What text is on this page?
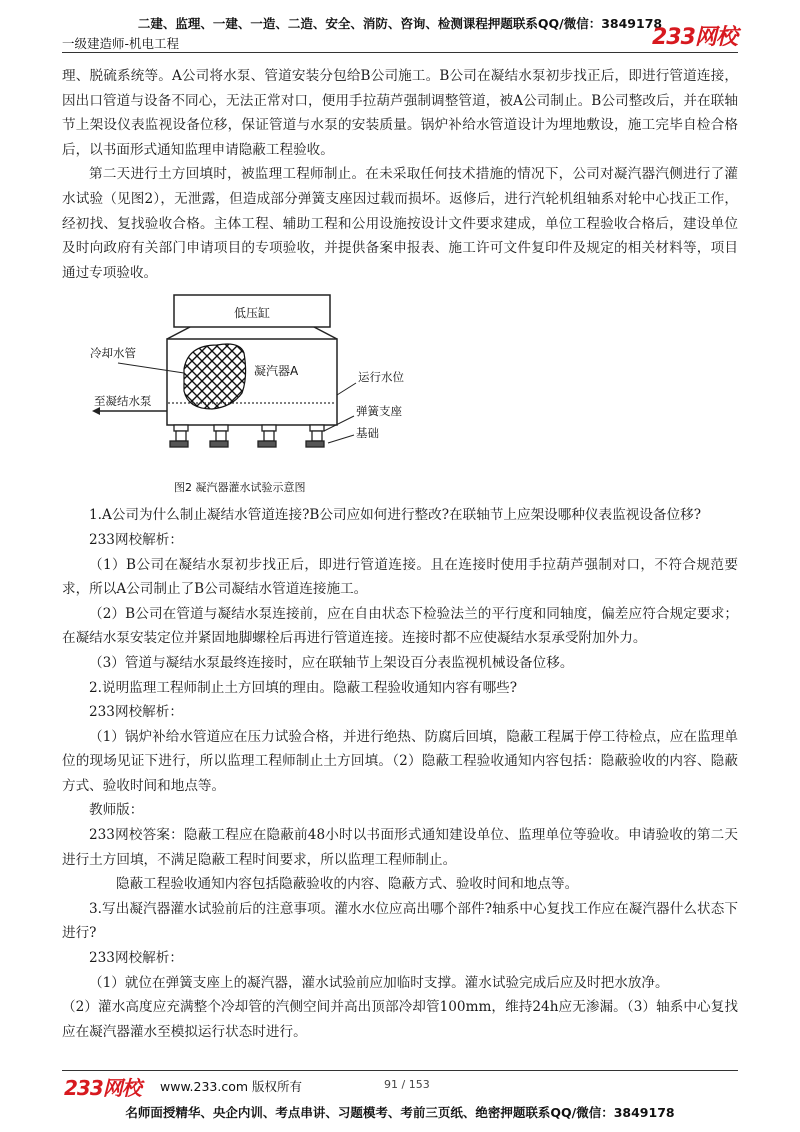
二建、监理、一建、一造、二造、安全、消防、咨询、检测课程押题联系QQ/微信：3849178
一级建造师-机电工程	233网校

理、脱硫系统等。A公司将水泵、管道安装分包给B公司施工。B公司在凝结水泵初步找正后，即进行管道连接，因出口管道与设备不同心，无法正常对口，便用手拉葫芦强制调整管道，被A公司制止。B公司整改后，并在联轴节上架设仪表监视设备位移，保证管道与水泵的安装质量。锅炉补给水管道设计为埋地敷设，施工完毕自检合格后，以书面形式通知监理申请隐蔽工程验收。

第二天进行土方回填时，被监理工程师制止。在未采取任何技术措施的情况下，公司对凝汽器汽侧进行了灌水试验（见图2），无泄露，但造成部分弹簧支座因过载而损坏。返修后，进行汽轮机组轴系对轮中心找正工作，经初找、复找验收合格。主体工程、辅助工程和公用设施按设计文件要求建成，单位工程验收合格后，建设单位及时向政府有关部门申请项目的专项验收，并提供备案申报表、施工许可文件复印件及规定的相关材料等，项目通过专项验收。

低压缸
冷却水管
凝汽器A	运行水位
至凝结水泵
弹簧支座
基础
图2 凝汽器灌水试验示意图

1.A公司为什么制止凝结水管道连接?B公司应如何进行整改?在联轴节上应架设哪种仪表监视设备位移?

233网校解析：

（1）B公司在凝结水泵初步找正后，即进行管道连接。且在连接时使用手拉葫芦强制对口，不符合规范要求，所以A公司制止了B公司凝结水管道连接施工。

（2）B公司在管道与凝结水泵连接前，应在自由状态下检验法兰的平行度和同轴度，偏差应符合规定要求；在凝结水泵安装定位并紧固地脚螺栓后再进行管道连接。连接时都不应使凝结水泵承受附加外力。

（3）管道与凝结水泵最终连接时，应在联轴节上架设百分表监视机械设备位移。

2.说明监理工程师制止土方回填的理由。隐蔽工程验收通知内容有哪些?

233网校解析：

（1）锅炉补给水管道应在压力试验合格，并进行绝热、防腐后回填，隐蔽工程属于停工待检点，应在监理单位的现场见证下进行，所以监理工程师制止土方回填。（2）隐蔽工程验收通知内容包括：隐蔽验收的内容、隐蔽方式、验收时间和地点等。

教师版：

233网校答案：隐蔽工程应在隐蔽前48小时以书面形式通知建设单位、监理单位等验收。申请验收的第二天进行土方回填，不满足隐蔽工程时间要求，所以监理工程师制止。

隐蔽工程验收通知内容包括隐蔽验收的内容、隐蔽方式、验收时间和地点等。

3.写出凝汽器灌水试验前后的注意事项。灌水水位应高出哪个部件?轴系中心复找工作应在凝汽器什么状态下进行?

233网校解析：

（1）就位在弹簧支座上的凝汽器，灌水试验前应加临时支撑。灌水试验完成后应及时把水放净。

（2）灌水高度应充满整个冷却管的汽侧空间并高出顶部冷却管100mm，维持24h应无渗漏。（3）轴系中心复找应在凝汽器灌水至模拟运行状态时进行。

233网校 www.233.com 版权所有	91 / 153
名师面授精华、央企内训、考点串讲、习题模考、考前三页纸、绝密押题联系QQ/微信：3849178
